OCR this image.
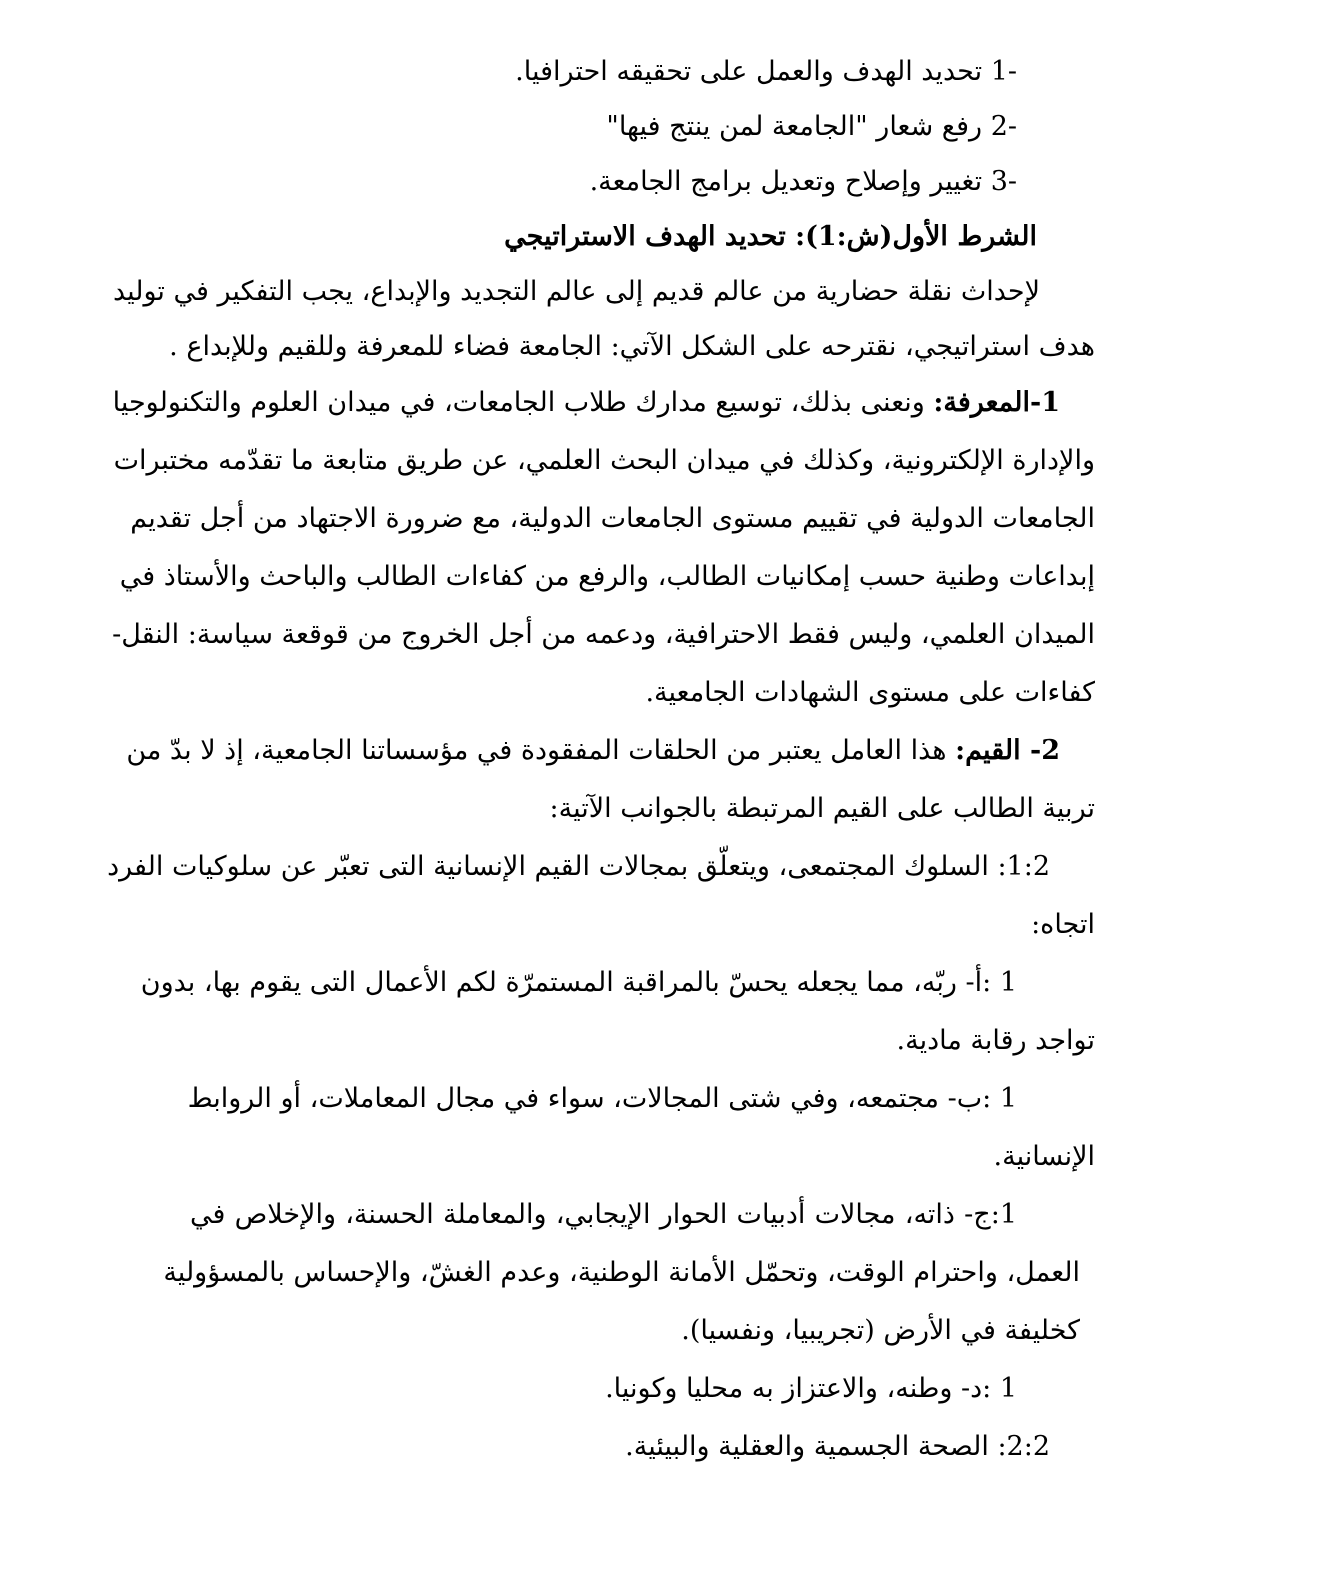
1- تحديد الهدف والعمل على تحقيقه احترافيا.
2- رفع شعار "الجامعة لمن ينتج فيها"
3- تغيير وإصلاح وتعديل برامج الجامعة.
الشرط الأول(ش:1): تحديد الهدف الاستراتيجي
لإحداث نقلة حضارية من عالم قديم إلى عالم التجديد والإبداع، يجب التفكير في توليد
هدف استراتيجي، نقترحه على الشكل الآتي: الجامعة فضاء للمعرفة وللقيم وللإبداع .
1-المعرفة: ونعنى بذلك، توسيع مدارك طلاب الجامعات، في ميدان العلوم والتكنولوجيا
والإدارة الإلكترونية، وكذلك في ميدان البحث العلمي، عن طريق متابعة ما تقدّمه مختبرات
الجامعات الدولية في تقييم مستوى الجامعات الدولية، مع ضرورة الاجتهاد من أجل تقديم
إبداعات وطنية حسب إمكانيات الطالب، والرفع من كفاءات الطالب والباحث والأستاذ في
الميدان العلمي، وليس فقط الاحترافية، ودعمه من أجل الخروج من قوقعة سياسة: النقل-
كفاءات على مستوى الشهادات الجامعية.
2- القيم: هذا العامل يعتبر من الحلقات المفقودة في مؤسساتنا الجامعية، إذ لا بدّ من
تربية الطالب على القيم المرتبطة بالجوانب الآتية:
1:2: السلوك المجتمعى، ويتعلّق بمجالات القيم الإنسانية التى تعبّر عن سلوكيات الفرد
اتجاه:
1 :أ- ربّه، مما يجعله يحسّ بالمراقبة المستمرّة لكم الأعمال التى يقوم بها، بدون
تواجد رقابة مادية.
1 :ب- مجتمعه، وفي شتى المجالات، سواء في مجال المعاملات، أو الروابط
الإنسانية.
1:ج- ذاته، مجالات أدبيات الحوار الإيجابي، والمعاملة الحسنة، والإخلاص في
العمل، واحترام الوقت، وتحمّل الأمانة الوطنية، وعدم الغشّ، والإحساس بالمسؤولية
كخليفة في الأرض (تجريبيا، ونفسيا).
1 :د- وطنه، والاعتزاز به محليا وكونيا.
2:2: الصحة الجسمية والعقلية والبيئية.
